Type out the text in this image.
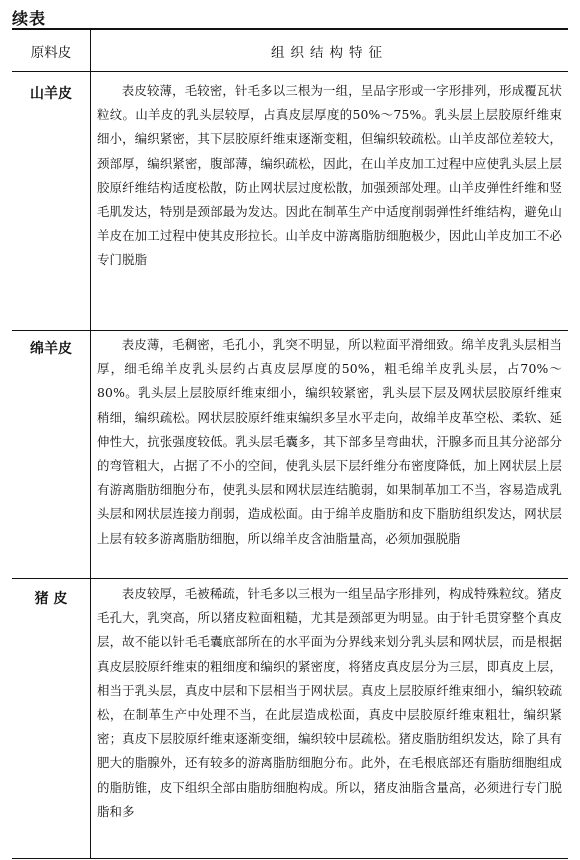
续表
原料皮	组织结构特征
山羊皮	表皮较薄，毛较密，针毛多以三根为一组，呈品字形或一字形排列，形成覆瓦状粒纹。山羊皮的乳头层较厚，占真皮层厚度的50%～75%。乳头层上层胶原纤维束细小，编织紧密，其下层胶原纤维束逐渐变粗，但编织较疏松。山羊皮部位差较大，颈部厚，编织紧密，腹部薄，编织疏松，因此，在山羊皮加工过程中应使乳头层上层胶原纤维结构适度松散，防止网状层过度松散，加强颈部处理。山羊皮弹性纤维和竖毛肌发达，特别是颈部最为发达。因此在制革生产中适度削弱弹性纤维结构，避免山羊皮在加工过程中使其皮形拉长。山羊皮中游离脂肪细胞极少，因此山羊皮加工不必专门脱脂

绵羊皮	表皮薄，毛稠密，毛孔小，乳突不明显，所以粒面平滑细致。绵羊皮乳头层相当厚，细毛绵羊皮乳头层约占真皮层厚度的50%，粗毛绵羊皮乳头层，占70%～80%。乳头层上层胶原纤维束细小，编织较紧密，乳头层下层及网状层胶原纤维束稍细，编织疏松。网状层胶原纤维束编织多呈水平走向，故绵羊皮革空松、柔软、延伸性大，抗张强度较低。乳头层毛囊多，其下部多呈弯曲状，汗腺多而且其分泌部分的弯管粗大，占据了不小的空间，使乳头层下层纤维分布密度降低，加上网状层上层有游离脂肪细胞分布，使乳头层和网状层连结脆弱，如果制革加工不当，容易造成乳头层和网状层连接力削弱，造成松面。由于绵羊皮脂肪和皮下脂肪组织发达，网状层上层有较多游离脂肪细胞，所以绵羊皮含油脂量高，必须加强脱脂

猪 皮	表皮较厚，毛被稀疏，针毛多以三根为一组呈品字形排列，构成特殊粒纹。猪皮毛孔大，乳突高，所以猪皮粒面粗糙，尤其是颈部更为明显。由于针毛贯穿整个真皮层，故不能以针毛毛囊底部所在的水平面为分界线来划分乳头层和网状层，而是根据真皮层胶原纤维束的粗细度和编织的紧密度，将猪皮真皮层分为三层，即真皮上层，相当于乳头层，真皮中层和下层相当于网状层。真皮上层胶原纤维束细小，编织较疏松，在制革生产中处理不当，在此层造成松面，真皮中层胶原纤维束粗壮，编织紧密；真皮下层胶原纤维束逐渐变细，编织较中层疏松。猪皮脂肪组织发达，除了具有肥大的脂腺外，还有较多的游离脂肪细胞分布。此外，在毛根底部还有脂肪细胞组成的脂肪锥，皮下组织全部由脂肪细胞构成。所以，猪皮油脂含量高，必须进行专门脱脂和多
